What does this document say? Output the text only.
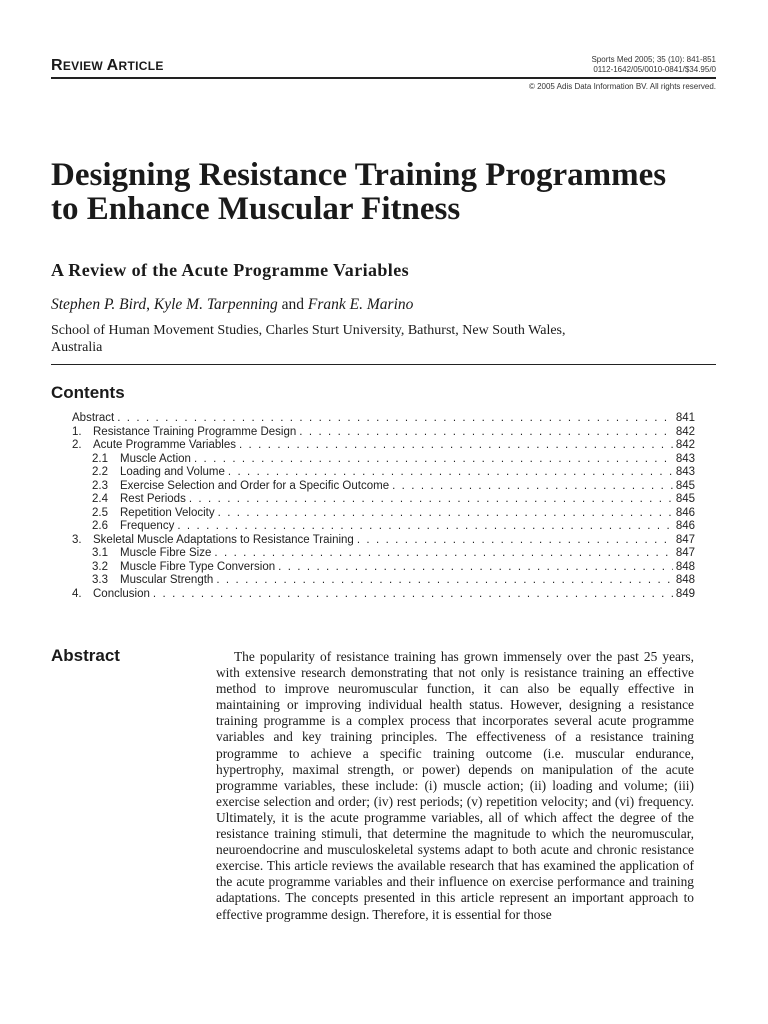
REVIEW ARTICLE	Sports Med 2005; 35 (10): 841-851
0112-1642/05/0010-0841/$34.95/0
© 2005 Adis Data Information BV. All rights reserved.
Designing Resistance Training Programmes to Enhance Muscular Fitness
A Review of the Acute Programme Variables
Stephen P. Bird, Kyle M. Tarpenning and Frank E. Marino
School of Human Movement Studies, Charles Sturt University, Bathurst, New South Wales, Australia
Contents
Abstract . . .	841
1. Resistance Training Programme Design . . .	842
2. Acute Programme Variables . . .	842
2.1	Muscle Action . . .	843
2.2	Loading and Volume . . .	843
2.3	Exercise Selection and Order for a Specific Outcome . . .	845
2.4	Rest Periods . . .	845
2.5	Repetition Velocity . . .	846
2.6	Frequency . . .	846
3. Skeletal Muscle Adaptations to Resistance Training . . .	847
3.1	Muscle Fibre Size . . .	847
3.2	Muscle Fibre Type Conversion . . .	848
3.3	Muscular Strength . . .	848
4. Conclusion . . .	849
Abstract	The popularity of resistance training has grown immensely over the past 25 years, with extensive research demonstrating that not only is resistance training an effective method to improve neuromuscular function, it can also be equally effective in maintaining or improving individual health status. However, designing a resistance training programme is a complex process that incorporates several acute programme variables and key training principles. The effectiveness of a resistance training programme to achieve a specific training outcome (i.e. muscular endurance, hypertrophy, maximal strength, or power) depends on manipulation of the acute programme variables, these include: (i) muscle action; (ii) loading and volume; (iii) exercise selection and order; (iv) rest periods; (v) repetition velocity; and (vi) frequency. Ultimately, it is the acute programme variables, all of which affect the degree of the resistance training stimuli, that determine the magnitude to which the neuromuscular, neuroendocrine and musculoskeletal systems adapt to both acute and chronic resistance exercise. This article reviews the available research that has examined the application of the acute programme variables and their influence on exercise performance and training adaptations. The concepts presented in this article represent an important approach to effective programme design. Therefore, it is essential for those
